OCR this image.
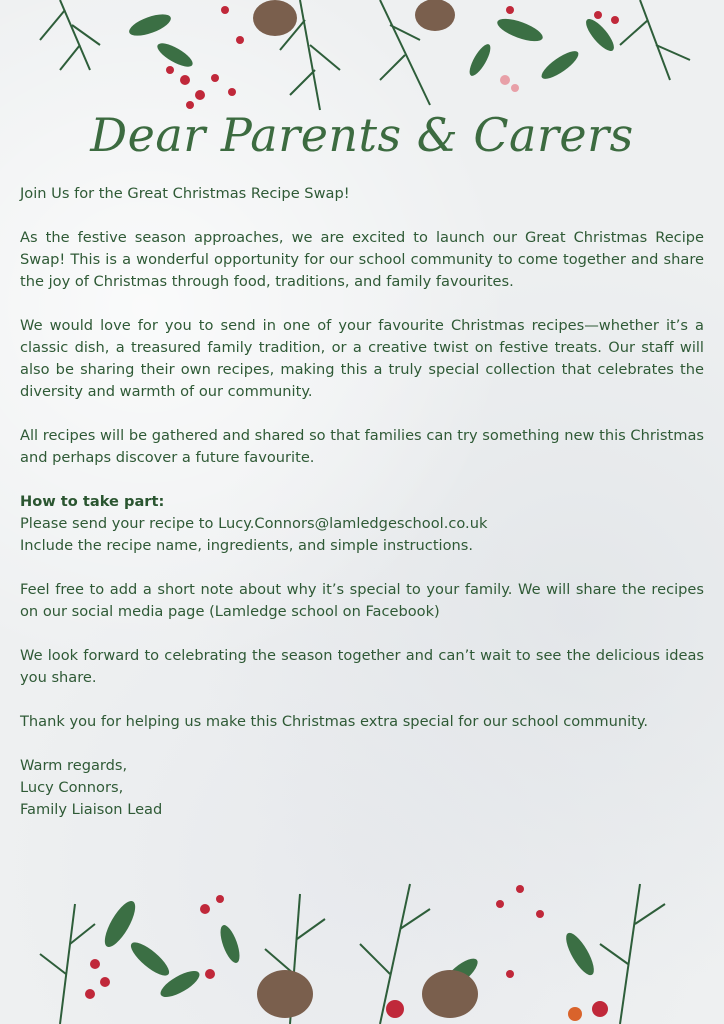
Dear Parents & Carers

Join Us for the Great Christmas Recipe Swap!

As the festive season approaches, we are excited to launch our Great Christmas Recipe Swap! This is a wonderful opportunity for our school community to come together and share the joy of Christmas through food, traditions, and family favourites.

We would love for you to send in one of your favourite Christmas recipes—whether it’s a classic dish, a treasured family tradition, or a creative twist on festive treats. Our staff will also be sharing their own recipes, making this a truly special collection that celebrates the diversity and warmth of our community.

All recipes will be gathered and shared so that families can try something new this Christmas and perhaps discover a future favourite.

How to take part:

Please send your recipe to Lucy.Connors@lamledgeschool.co.uk

Include the recipe name, ingredients, and simple instructions.

Feel free to add a short note about why it’s special to your family. We will share the recipes on our social media page (Lamledge school on Facebook)

We look forward to celebrating the season together and can’t wait to see the delicious ideas you share.

Thank you for helping us make this Christmas extra special for our school community.

Warm regards,

Lucy Connors,

Family Liaison Lead
